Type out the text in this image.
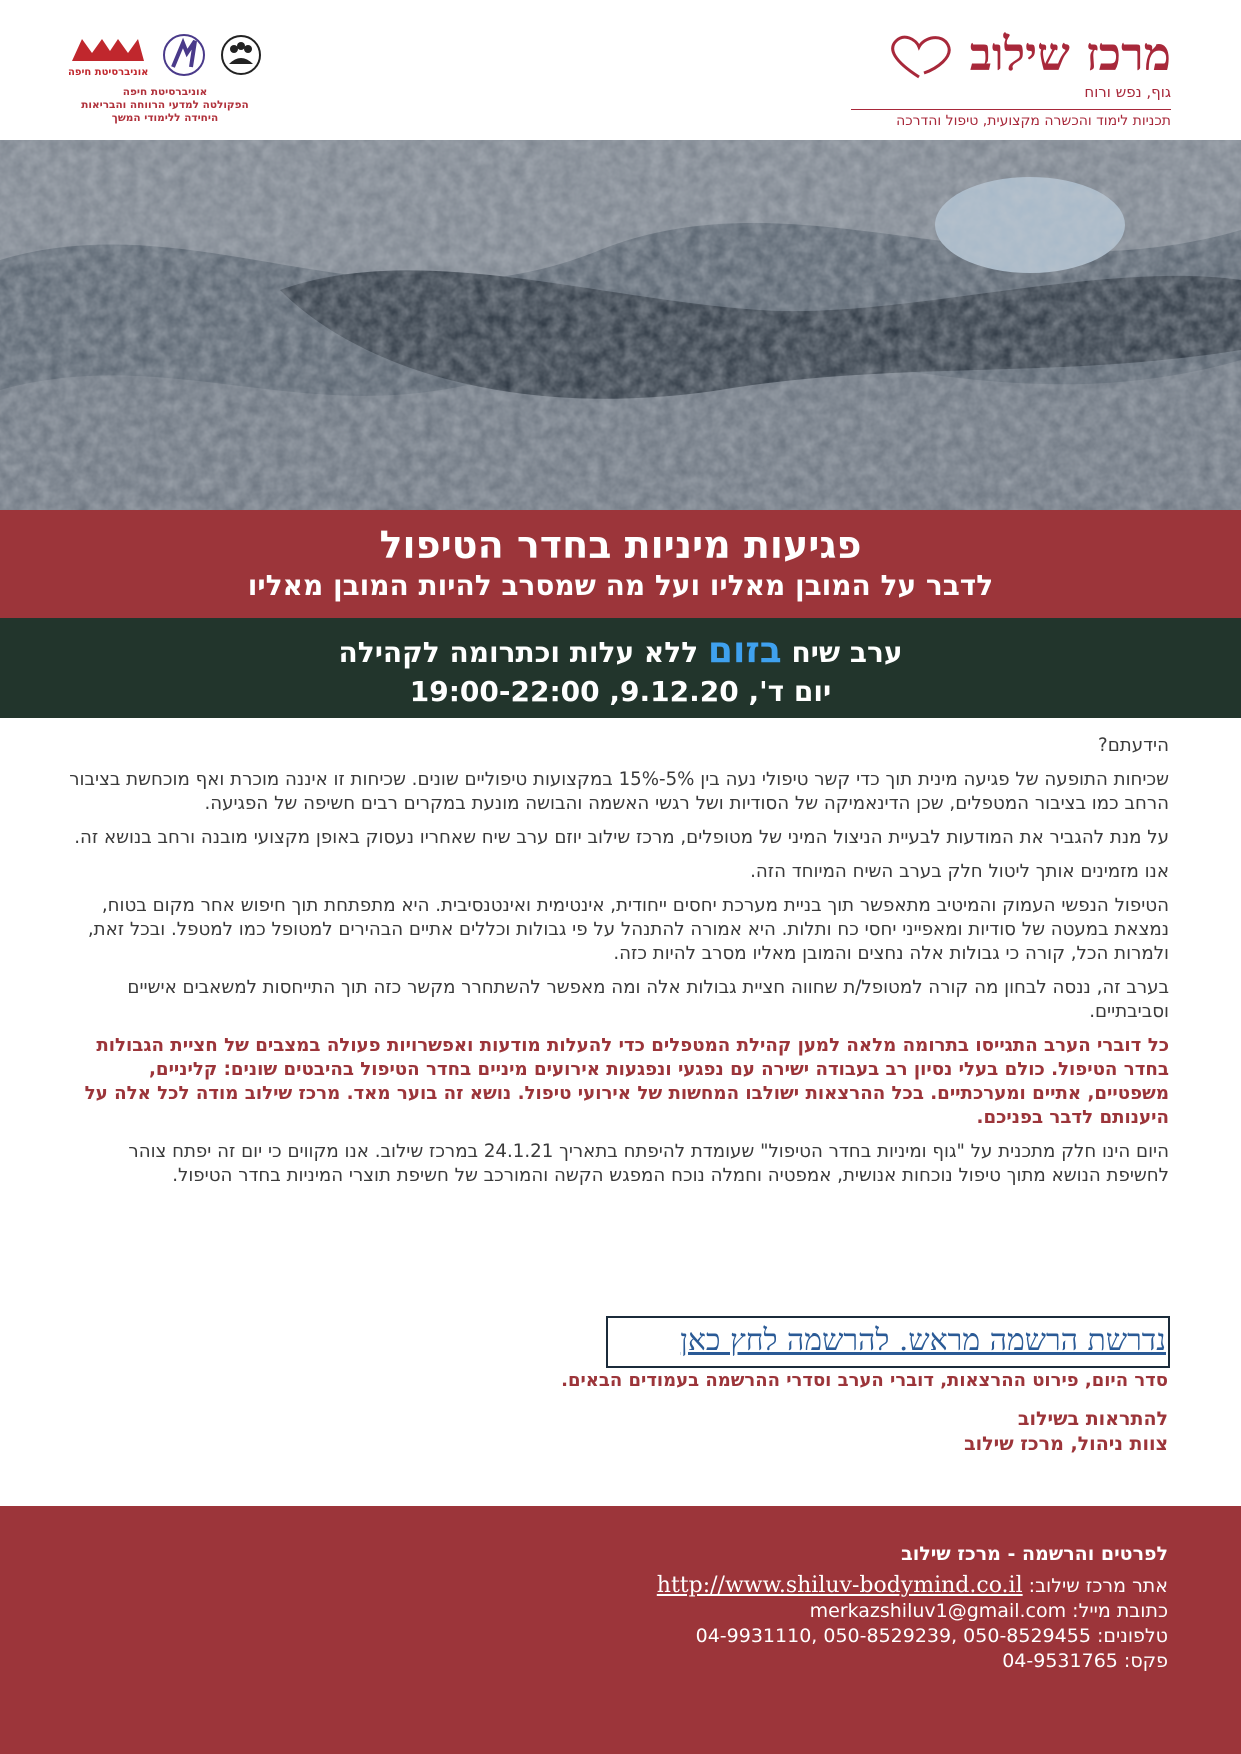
מרכז שילוב
גוף, נפש ורוח
תכניות לימוד והכשרה מקצועית, טיפול והדרכה
אוניברסיטת חיפה
אוניברסיטת חיפה
הפקולטה למדעי הרווחה והבריאות
היחידה ללימודי המשך
פגיעות מיניות בחדר הטיפול
לדבר על המובן מאליו ועל מה שמסרב להיות המובן מאליו
ערב שיח בזום ללא עלות וכתרומה לקהילה
יום ד', 9.12.20, 19:00-22:00

הידעתם?

שכיחות התופעה של פגיעה מינית תוך כדי קשר טיפולי נעה בין 5%-15% במקצועות טיפוליים שונים. שכיחות זו איננה מוכרת ואף מוכחשת בציבור הרחב כמו בציבור המטפלים, שכן הדינאמיקה של הסודיות ושל רגשי האשמה והבושה מונעת במקרים רבים חשיפה של הפגיעה.

על מנת להגביר את המודעות לבעיית הניצול המיני של מטופלים, מרכז שילוב יוזם ערב שיח שאחריו נעסוק באופן מקצועי מובנה ורחב בנושא זה.

אנו מזמינים אותך ליטול חלק בערב השיח המיוחד הזה.

הטיפול הנפשי העמוק והמיטיב מתאפשר תוך בניית מערכת יחסים ייחודית, אינטימית ואינטנסיבית. היא מתפתחת תוך חיפוש אחר מקום בטוח, נמצאת במעטה של סודיות ומאפייני יחסי כח ותלות. היא אמורה להתנהל על פי גבולות וכללים אתיים הבהירים למטופל כמו למטפל. ובכל זאת, ולמרות הכל, קורה כי גבולות אלה נחצים והמובן מאליו מסרב להיות כזה.

בערב זה, ננסה לבחון מה קורה למטופל/ת שחווה חציית גבולות אלה ומה מאפשר להשתחרר מקשר כזה תוך התייחסות למשאבים אישיים וסביבתיים.

כל דוברי הערב התגייסו בתרומה מלאה למען קהילת המטפלים כדי להעלות מודעות ואפשרויות פעולה במצבים של חציית הגבולות בחדר הטיפול. כולם בעלי נסיון רב בעבודה ישירה עם נפגעי ונפגעות אירועים מיניים בחדר הטיפול בהיבטים שונים: קליניים, משפטיים, אתיים ומערכתיים. בכל ההרצאות ישולבו המחשות של אירועי טיפול. נושא זה בוער מאד. מרכז שילוב מודה לכל אלה על היענותם לדבר בפניכם.

היום הינו חלק מתכנית על "גוף ומיניות בחדר הטיפול" שעומדת להיפתח בתאריך 24.1.21 במרכז שילוב. אנו מקווים כי יום זה יפתח צוהר לחשיפת הנושא מתוך טיפול נוכחות אנושית, אמפטיה וחמלה נוכח המפגש הקשה והמורכב של חשיפת תוצרי המיניות בחדר הטיפול.

נדרשת הרשמה מראש. להרשמה לחץ כאן
סדר היום, פירוט ההרצאות, דוברי הערב וסדרי ההרשמה בעמודים הבאים.
להתראות בשילוב
צוות ניהול, מרכז שילוב
לפרטים והרשמה - מרכז שילוב
אתר מרכז שילוב: http://www.shiluv-bodymind.co.il
כתובת מייל: merkazshiluv1@gmail.com
טלפונים: 04-9931110, 050-8529239, 050-8529455
פקס: 04-9531765
